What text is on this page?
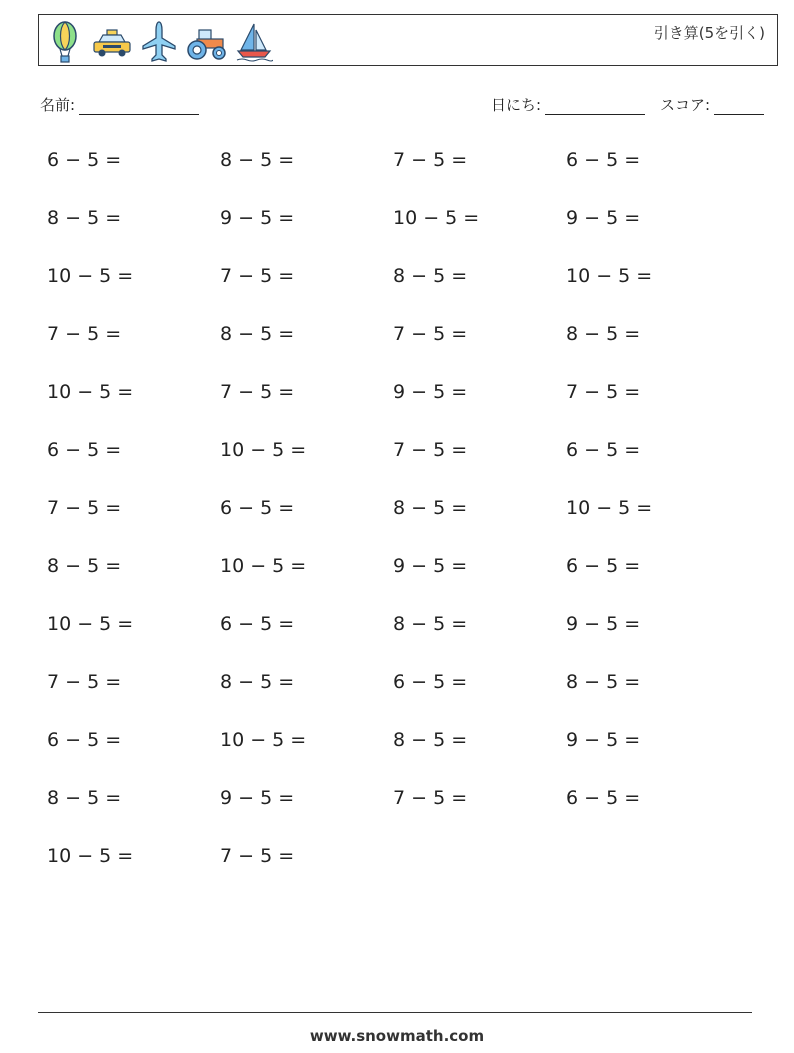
引き算(5を引く)
名前:	日にち:	スコア:
6 − 5 =	8 − 5 =	7 − 5 =	6 − 5 =
8 − 5 =	9 − 5 =	10 − 5 =	9 − 5 =
10 − 5 =	7 − 5 =	8 − 5 =	10 − 5 =
7 − 5 =	8 − 5 =	7 − 5 =	8 − 5 =
10 − 5 =	7 − 5 =	9 − 5 =	7 − 5 =
6 − 5 =	10 − 5 =	7 − 5 =	6 − 5 =
7 − 5 =	6 − 5 =	8 − 5 =	10 − 5 =
8 − 5 =	10 − 5 =	9 − 5 =	6 − 5 =
10 − 5 =	6 − 5 =	8 − 5 =	9 − 5 =
7 − 5 =	8 − 5 =	6 − 5 =	8 − 5 =
6 − 5 =	10 − 5 =	8 − 5 =	9 − 5 =
8 − 5 =	9 − 5 =	7 − 5 =	6 − 5 =
10 − 5 =	7 − 5 =
www.snowmath.com
